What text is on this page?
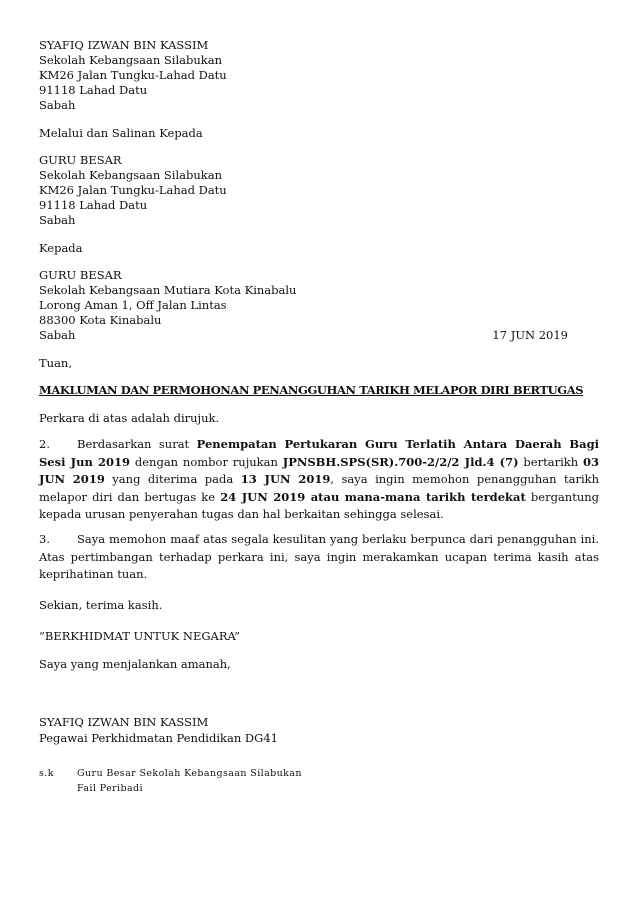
SYAFIQ IZWAN BIN KASSIM
Sekolah Kebangsaan Silabukan
KM26 Jalan Tungku-Lahad Datu
91118 Lahad Datu
Sabah
Melalui dan Salinan Kepada
GURU BESAR
Sekolah Kebangsaan Silabukan
KM26 Jalan Tungku-Lahad Datu
91118 Lahad Datu
Sabah
Kepada
GURU BESAR
Sekolah Kebangsaan Mutiara Kota Kinabalu
Lorong Aman 1, Off Jalan Lintas
88300 Kota Kinabalu
Sabah	17 JUN 2019
Tuan,
MAKLUMAN DAN PERMOHONAN PENANGGUHAN TARIKH MELAPOR DIRI BERTUGAS
Perkara di atas adalah dirujuk.
2. Berdasarkan surat Penempatan Pertukaran Guru Terlatih Antara Daerah Bagi Sesi Jun 2019 dengan nombor rujukan JPNSBH.SPS(SR).700-2/2/2 Jld.4 (7) bertarikh 03 JUN 2019 yang diterima pada 13 JUN 2019, saya ingin memohon penangguhan tarikh melapor diri dan bertugas ke 24 JUN 2019 atau mana-mana tarikh terdekat bergantung kepada urusan penyerahan tugas dan hal berkaitan sehingga selesai.
3. Saya memohon maaf atas segala kesulitan yang berlaku berpunca dari penangguhan ini. Atas pertimbangan terhadap perkara ini, saya ingin merakamkan ucapan terima kasih atas keprihatinan tuan.
Sekian, terima kasih.
“BERKHIDMAT UNTUK NEGARA”
Saya yang menjalankan amanah,
SYAFIQ IZWAN BIN KASSIM
Pegawai Perkhidmatan Pendidikan DG41
s.k Guru Besar Sekolah Kebangsaan Silabukan
Fail Peribadi
